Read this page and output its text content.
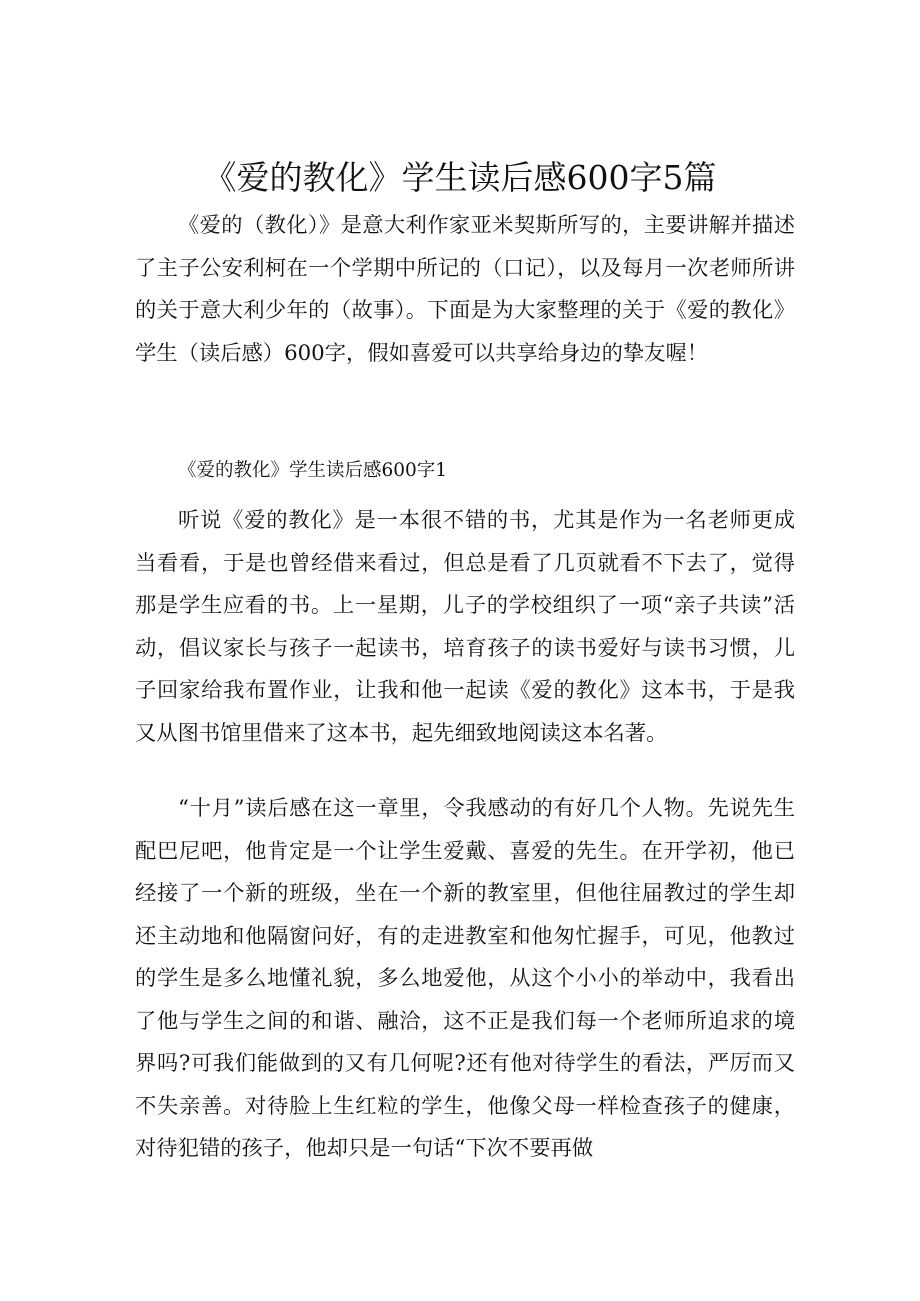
《爱的教化》学生读后感600字5篇

《爱的（教化）》是意大利作家亚米契斯所写的，主要讲解并描述了主子公安利柯在一个学期中所记的（口记），以及每月一次老师所讲的关于意大利少年的（故事）。下面是为大家整理的关于《爱的教化》学生（读后感）600字，假如喜爱可以共享给身边的挚友喔！

《爱的教化》学生读后感600字1

听说《爱的教化》是一本很不错的书，尤其是作为一名老师更成当看看，于是也曾经借来看过，但总是看了几页就看不下去了，觉得那是学生应看的书。上一星期，儿子的学校组织了一项“亲子共读”活动，倡议家长与孩子一起读书，培育孩子的读书爱好与读书习惯，儿子回家给我布置作业，让我和他一起读《爱的教化》这本书，于是我又从图书馆里借来了这本书，起先细致地阅读这本名著。

“十月”读后感在这一章里，令我感动的有好几个人物。先说先生配巴尼吧，他肯定是一个让学生爱戴、喜爱的先生。在开学初，他已经接了一个新的班级，坐在一个新的教室里，但他往届教过的学生却还主动地和他隔窗问好，有的走进教室和他匆忙握手，可见，他教过的学生是多么地懂礼貌，多么地爱他，从这个小小的举动中，我看出了他与学生之间的和谐、融洽，这不正是我们每一个老师所追求的境界吗?可我们能做到的又有几何呢?还有他对待学生的看法，严厉而又不失亲善。对待脸上生红粒的学生，他像父母一样检查孩子的健康，对待犯错的孩子，他却只是一句话“下次不要再做
